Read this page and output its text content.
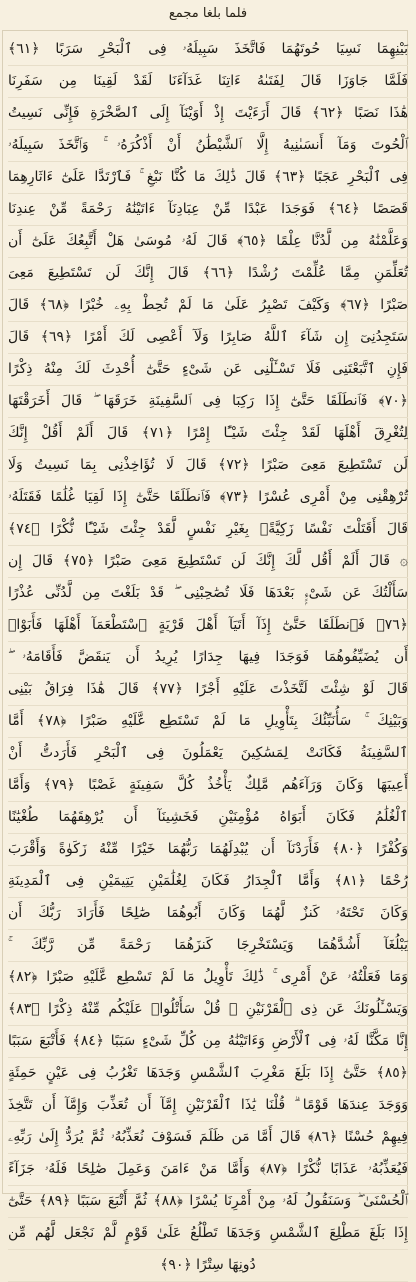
فلما بلغا مجمع
بَيْنِهِمَا نَسِيَا حُوتَهُمَا فَاتَّخَذَ سَبِيلَهُۥ فِى ٱلْبَحْرِ سَرَبًا ﴿٦١﴾
فَلَمَّا جَاوَزَا قَالَ لِفَتَىٰهُ ءَاتِنَا غَدَآءَنَا لَقَدْ لَقِينَا مِن سَفَرِنَا
هَٰذَا نَصَبًا ﴿٦٢﴾ قَالَ أَرَءَيْتَ إِذْ أَوَيْنَآ إِلَى ٱلصَّخْرَةِ فَإِنِّى نَسِيتُ
ٱلْحُوتَ وَمَآ أَنسَىٰنِيهُ إِلَّا ٱلشَّيْطَٰنُ أَنْ أَذْكُرَهُۥ ۚ وَٱتَّخَذَ سَبِيلَهُۥ
فِى ٱلْبَحْرِ عَجَبًا ﴿٦٣﴾ قَالَ ذَٰلِكَ مَا كُنَّا نَبْغِ ۚ فَٱرْتَدَّا عَلَىٰٓ ءَاثَارِهِمَا
قَصَصًا ﴿٦٤﴾ فَوَجَدَا عَبْدًا مِّنْ عِبَادِنَآ ءَاتَيْنَٰهُ رَحْمَةً مِّنْ عِندِنَا
وَعَلَّمْنَٰهُ مِن لَّدُنَّا عِلْمًا ﴿٦٥﴾ قَالَ لَهُۥ مُوسَىٰ هَلْ أَتَّبِعُكَ عَلَىٰٓ أَن
تُعَلِّمَنِ مِمَّا عُلِّمْتَ رُشْدًا ﴿٦٦﴾ قَالَ إِنَّكَ لَن تَسْتَطِيعَ مَعِىَ
صَبْرًا ﴿٦٧﴾ وَكَيْفَ تَصْبِرُ عَلَىٰ مَا لَمْ تُحِطْ بِهِۦ خُبْرًا ﴿٦٨﴾ قَالَ
سَتَجِدُنِىٓ إِن شَآءَ ٱللَّهُ صَابِرًا وَلَآ أَعْصِى لَكَ أَمْرًا ﴿٦٩﴾ قَالَ
فَإِنِ ٱتَّبَعْتَنِى فَلَا تَسْـَٔلْنِى عَن شَىْءٍ حَتَّىٰٓ أُحْدِثَ لَكَ مِنْهُ ذِكْرًا
﴿٧٠﴾ فَٱنطَلَقَا حَتَّىٰٓ إِذَا رَكِبَا فِى ٱلسَّفِينَةِ خَرَقَهَا ۖ قَالَ أَخَرَقْتَهَا
لِتُغْرِقَ أَهْلَهَا لَقَدْ جِئْتَ شَيْـًٔا إِمْرًا ﴿٧١﴾ قَالَ أَلَمْ أَقُلْ إِنَّكَ
لَن تَسْتَطِيعَ مَعِىَ صَبْرًا ﴿٧٢﴾ قَالَ لَا تُؤَاخِذْنِى بِمَا نَسِيتُ وَلَا
تُرْهِقْنِى مِنْ أَمْرِى عُسْرًا ﴿٧٣﴾ فَٱنطَلَقَا حَتَّىٰٓ إِذَا لَقِيَا غُلَٰمًا فَقَتَلَهُۥ
قَالَ أَقَتَلْتَ نَفْسًا زَكِيَّةًۢ بِغَيْرِ نَفْسٍ لَّقَدْ جِئْتَ شَيْـًٔا نُّكْرًا ﴿٧٤﴾
۞ قَالَ أَلَمْ أَقُل لَّكَ إِنَّكَ لَن تَسْتَطِيعَ مَعِىَ صَبْرًا ﴿٧٥﴾ قَالَ إِن
سَأَلْتُكَ عَن شَىْءٍۭ بَعْدَهَا فَلَا تُصَٰحِبْنِى ۖ قَدْ بَلَغْتَ مِن لَّدُنِّى عُذْرًا
﴿٧٦﴾ فَٱنطَلَقَا حَتَّىٰٓ إِذَآ أَتَيَآ أَهْلَ قَرْيَةٍ ٱسْتَطْعَمَآ أَهْلَهَا فَأَبَوْا۟
أَن يُضَيِّفُوهُمَا فَوَجَدَا فِيهَا جِدَارًا يُرِيدُ أَن يَنقَضَّ فَأَقَامَهُۥ ۖ
قَالَ لَوْ شِئْتَ لَتَّخَذْتَ عَلَيْهِ أَجْرًا ﴿٧٧﴾ قَالَ هَٰذَا فِرَاقُ بَيْنِى
وَبَيْنِكَ ۚ سَأُنَبِّئُكَ بِتَأْوِيلِ مَا لَمْ تَسْتَطِع عَّلَيْهِ صَبْرًا ﴿٧٨﴾ أَمَّا
ٱلسَّفِينَةُ فَكَانَتْ لِمَسَٰكِينَ يَعْمَلُونَ فِى ٱلْبَحْرِ فَأَرَدتُّ أَنْ
أَعِيبَهَا وَكَانَ وَرَآءَهُم مَّلِكٌ يَأْخُذُ كُلَّ سَفِينَةٍ غَصْبًا ﴿٧٩﴾ وَأَمَّا
ٱلْغُلَٰمُ فَكَانَ أَبَوَاهُ مُؤْمِنَيْنِ فَخَشِينَآ أَن يُرْهِقَهُمَا طُغْيَٰنًا
وَكُفْرًا ﴿٨٠﴾ فَأَرَدْنَآ أَن يُبْدِلَهُمَا رَبُّهُمَا خَيْرًا مِّنْهُ زَكَوٰةً وَأَقْرَبَ
رُحْمًا ﴿٨١﴾ وَأَمَّا ٱلْجِدَارُ فَكَانَ لِغُلَٰمَيْنِ يَتِيمَيْنِ فِى ٱلْمَدِينَةِ
وَكَانَ تَحْتَهُۥ كَنزٌ لَّهُمَا وَكَانَ أَبُوهُمَا صَٰلِحًا فَأَرَادَ رَبُّكَ أَن
يَبْلُغَآ أَشُدَّهُمَا وَيَسْتَخْرِجَا كَنزَهُمَا رَحْمَةً مِّن رَّبِّكَ ۚ
وَمَا فَعَلْتُهُۥ عَنْ أَمْرِى ۚ ذَٰلِكَ تَأْوِيلُ مَا لَمْ تَسْطِع عَّلَيْهِ صَبْرًا ﴿٨٢﴾
وَيَسْـَٔلُونَكَ عَن ذِى ٱلْقَرْنَيْنِ ۖ قُلْ سَأَتْلُوا۟ عَلَيْكُم مِّنْهُ ذِكْرًا ﴿٨٣﴾
إِنَّا مَكَّنَّا لَهُۥ فِى ٱلْأَرْضِ وَءَاتَيْنَٰهُ مِن كُلِّ شَىْءٍ سَبَبًا ﴿٨٤﴾ فَأَتْبَعَ سَبَبًا
﴿٨٥﴾ حَتَّىٰٓ إِذَا بَلَغَ مَغْرِبَ ٱلشَّمْسِ وَجَدَهَا تَغْرُبُ فِى عَيْنٍ حَمِئَةٍ
وَوَجَدَ عِندَهَا قَوْمًا ۗ قُلْنَا يَٰذَا ٱلْقَرْنَيْنِ إِمَّآ أَن تُعَذِّبَ وَإِمَّآ أَن تَتَّخِذَ
فِيهِمْ حُسْنًا ﴿٨٦﴾ قَالَ أَمَّا مَن ظَلَمَ فَسَوْفَ نُعَذِّبُهُۥ ثُمَّ يُرَدُّ إِلَىٰ رَبِّهِۦ
فَيُعَذِّبُهُۥ عَذَابًا نُّكْرًا ﴿٨٧﴾ وَأَمَّا مَنْ ءَامَنَ وَعَمِلَ صَٰلِحًا فَلَهُۥ جَزَآءً
ٱلْحُسْنَىٰ ۖ وَسَنَقُولُ لَهُۥ مِنْ أَمْرِنَا يُسْرًا ﴿٨٨﴾ ثُمَّ أَتْبَعَ سَبَبًا ﴿٨٩﴾ حَتَّىٰٓ
إِذَا بَلَغَ مَطْلِعَ ٱلشَّمْسِ وَجَدَهَا تَطْلُعُ عَلَىٰ قَوْمٍ لَّمْ نَجْعَل لَّهُم مِّن
دُونِهَا سِتْرًا ﴿٩٠﴾
